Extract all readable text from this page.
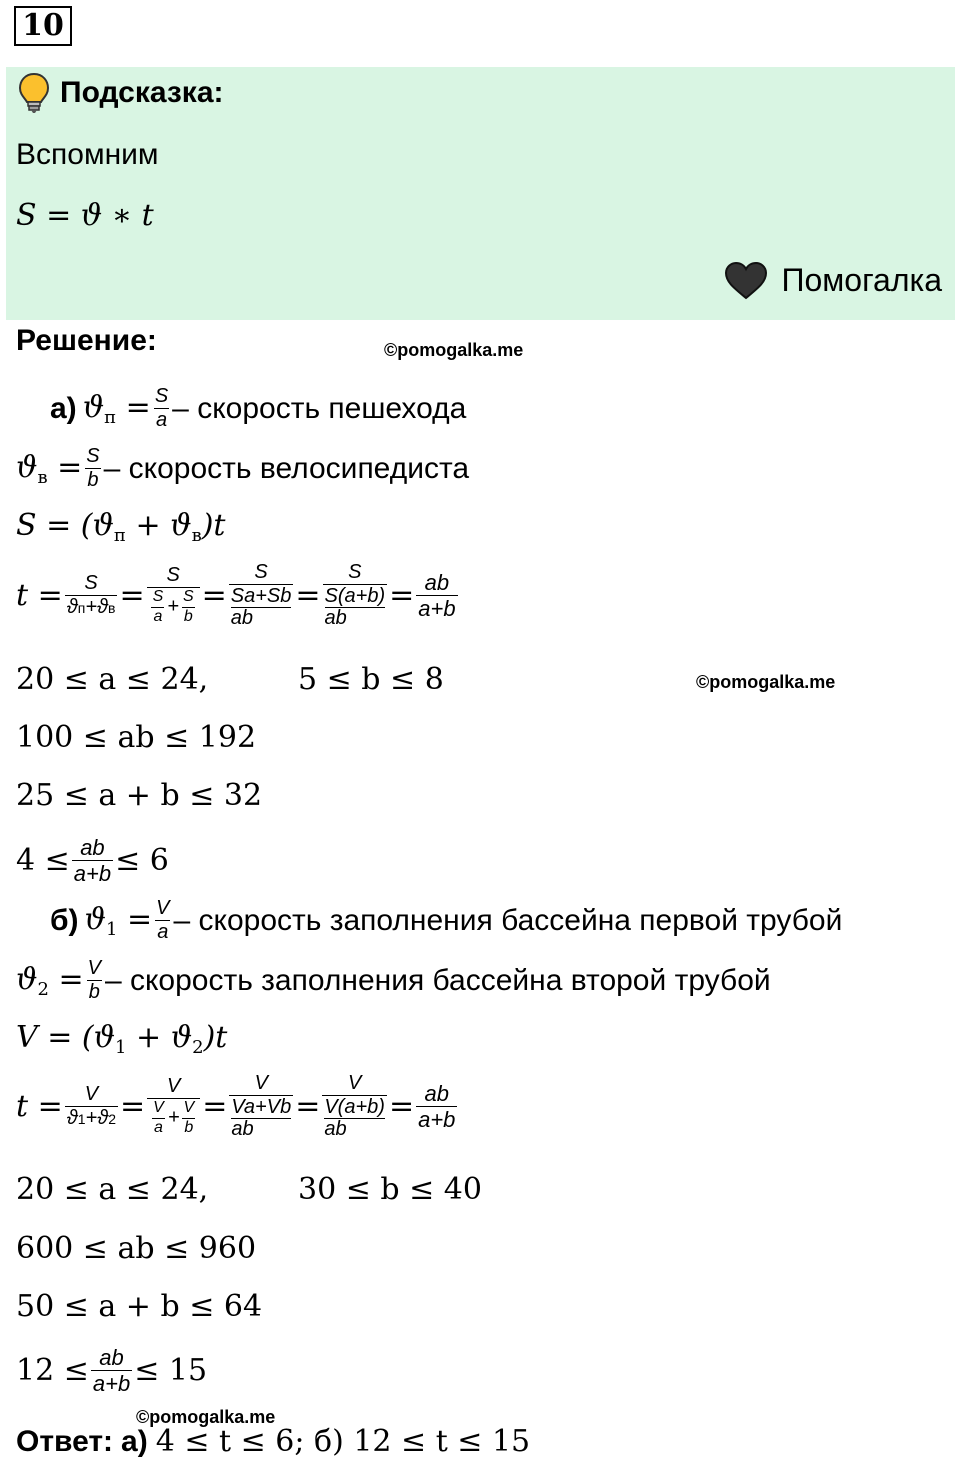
10
Подсказка:
Вспомним
S = ϑ ∗ t
Помогалка
Решение:	©pomogalka.me
а) $ϑ_п = \frac{S}{a}$ – скорость пешехода
$ϑ_в = \frac{S}{b}$ – скорость велосипедиста
$S = (ϑ_п + ϑ_в)t$
$t = \frac{S}{ϑп+ϑв} = \frac{S}{\frac{S}{a} + \frac{S}{b}}$ =
S
Sa+Sb

ab
=
S
S(a+b)

ab
= $\frac{ab}{a+b}$
20 ≤ a ≤ 24,	5 ≤ b ≤ 8	©pomogalka.me
100 ≤ ab ≤ 192
25 ≤ a + b ≤ 32
$4 \le \frac{ab}{a+b} \le 6$
б) $ϑ_1 = \frac{V}{a}$ – скорость заполнения бассейна первой трубой
$ϑ_2 = \frac{V}{b}$ – скорость заполнения бассейна второй трубой
$V = (ϑ_1 + ϑ_2)t$
$t = \frac{V}{ϑ1+ϑ2} = \frac{V}{\frac{V}{a} + \frac{V}{b}}$ =
V
Va+Vb

ab
=
V
V(a+b)

ab
= $\frac{ab}{a+b}$
20 ≤ a ≤ 24,	30 ≤ b ≤ 40
600 ≤ ab ≤ 960
50 ≤ a + b ≤ 64
$12 \le \frac{ab}{a+b} \le 15$
©pomogalka.me
Ответ: а) 4 ≤ t ≤ 6; б) 12 ≤ t ≤ 15
